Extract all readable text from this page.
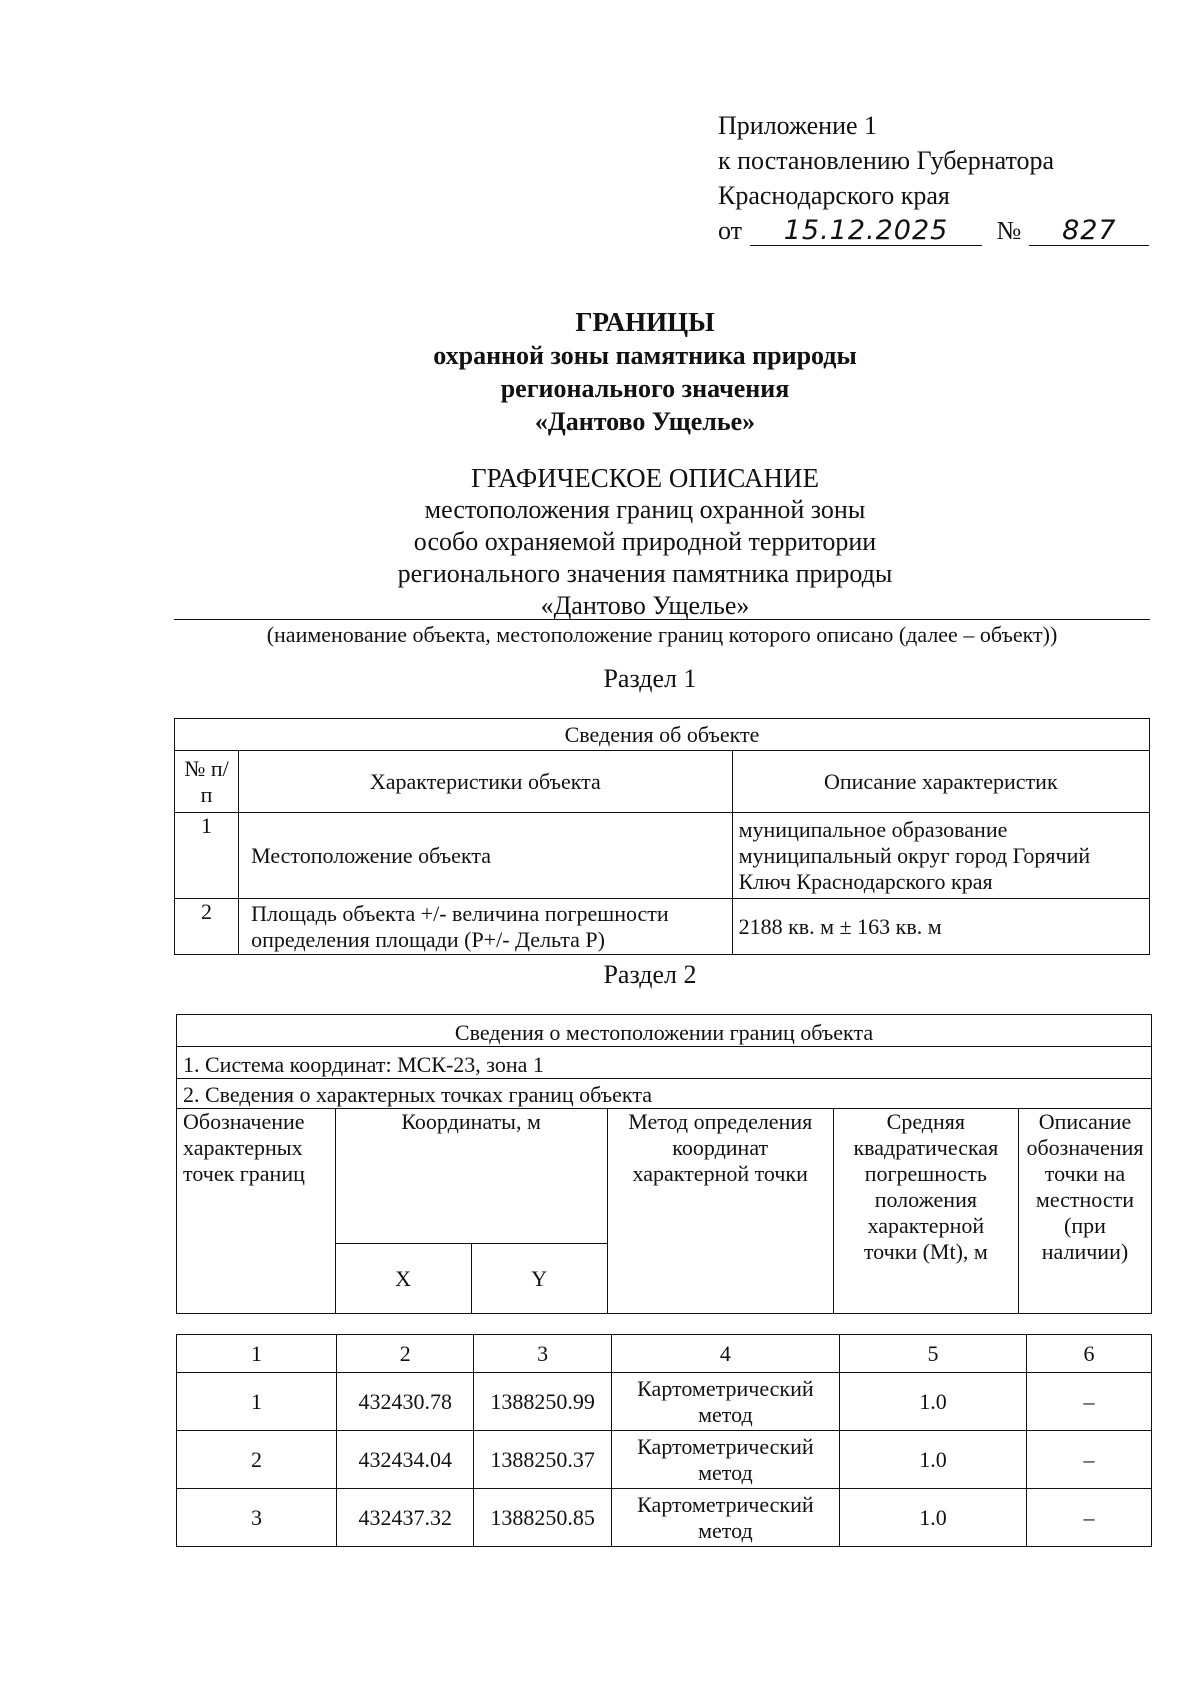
Приложение 1
к постановлению Губернатора
Краснодарского края
от 15.12.2025 № 827
ГРАНИЦЫ
охранной зоны памятника природы
регионального значения
«Дантово Ущелье»
ГРАФИЧЕСКОЕ ОПИСАНИЕ
местоположения границ охранной зоны
особо охраняемой природной территории
регионального значения памятника природы
«Дантово Ущелье»
(наименование объекта, местоположение границ которого описано (далее – объект))
Раздел 1
Сведения об объекте		
№ п/п	Характеристики объекта	Описание характеристик
1	Местоположение объекта	муниципальное образование муниципальный округ город Горячий Ключ Краснодарского края
2	Площадь объекта +/- величина погрешности определения площади (Р+/- Дельта Р)	2188 кв. м ± 163 кв. м
Раздел 2
Сведения о местоположении границ объекта					
1. Система координат: МСК-23, зона 1					
2. Сведения о характерных точках границ объекта					
Обозначение характерных точек границ	Координаты, м		Метод определения координат характерной точки	Средняя квадратическая погрешность положения характерной точки (Мt), м	Описание обозначения точки на местности (при наличии)
	X	Y			
1	2	3	4	5	6
1	432430.78	1388250.99	Картометрический метод	1.0	–
2	432434.04	1388250.37	Картометрический метод	1.0	–
3	432437.32	1388250.85	Картометрический метод	1.0	–
